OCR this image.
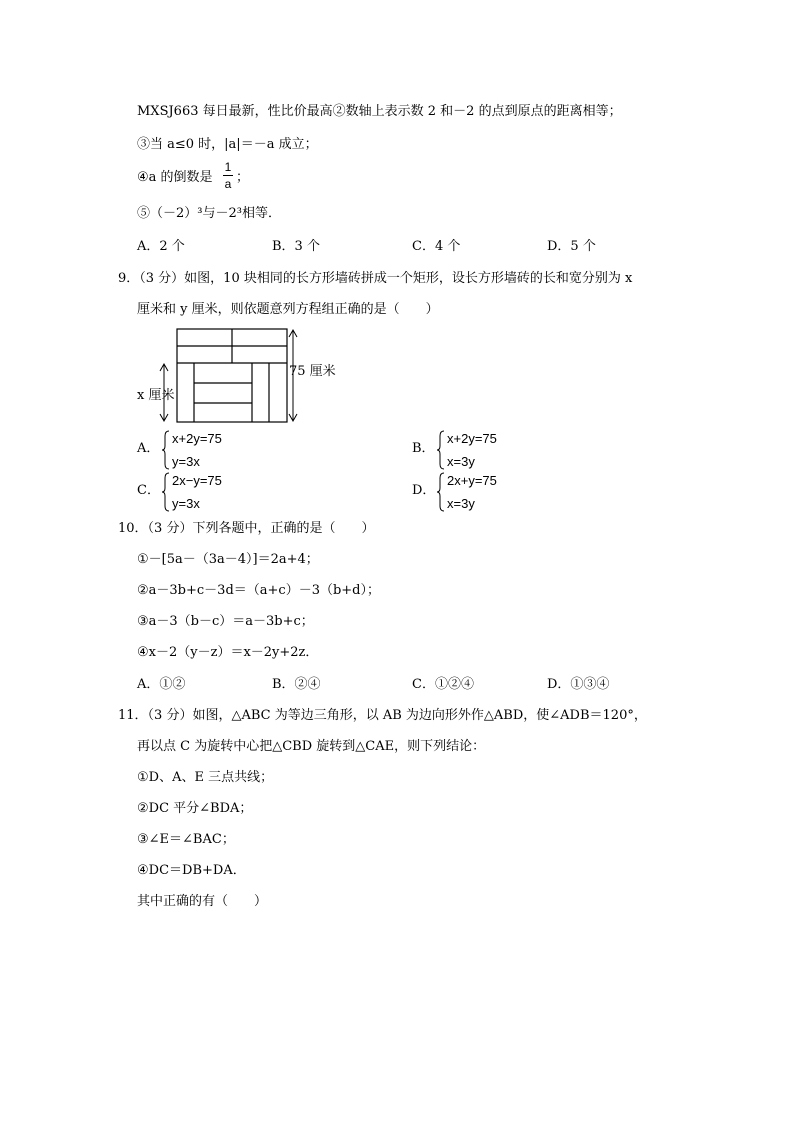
MXSJ663 每日最新，性比价最高②数轴上表示数 2 和－2 的点到原点的距离相等；
③当 a≤0 时，|a|＝－a 成立；
④a 的倒数是
1
a ；
⑤（－2）³与－2³相等．
A．2 个	B．3 个	C．4 个	D．5 个
9．（3 分）如图，10 块相同的长方形墙砖拼成一个矩形，设长方形墙砖的长和宽分别为 x
厘米和 y 厘米，则依题意列方程组正确的是（　　）
75 厘米
x 厘米
A．
x+2y=75
y=3x
B．
x+2y=75
x=3y
C．
2x−y=75
y=3x
D．
2x+y=75
x=3y
10．（3 分）下列各题中，正确的是（　　）
①－[5a－（3a－4）]＝2a+4；
②a－3b+c－3d＝（a+c）－3（b+d）；
③a－3（b－c）＝a－3b+c；
④x－2（y－z）＝x－2y+2z．
A．①②	B．②④	C．①②④	D．①③④
11．（3 分）如图，△ABC 为等边三角形，以 AB 为边向形外作△ABD，使∠ADB＝120°，
再以点 C 为旋转中心把△CBD 旋转到△CAE，则下列结论：
①D、A、E 三点共线；
②DC 平分∠BDA；
③∠E＝∠BAC；
④DC＝DB+DA．
其中正确的有（　　）
